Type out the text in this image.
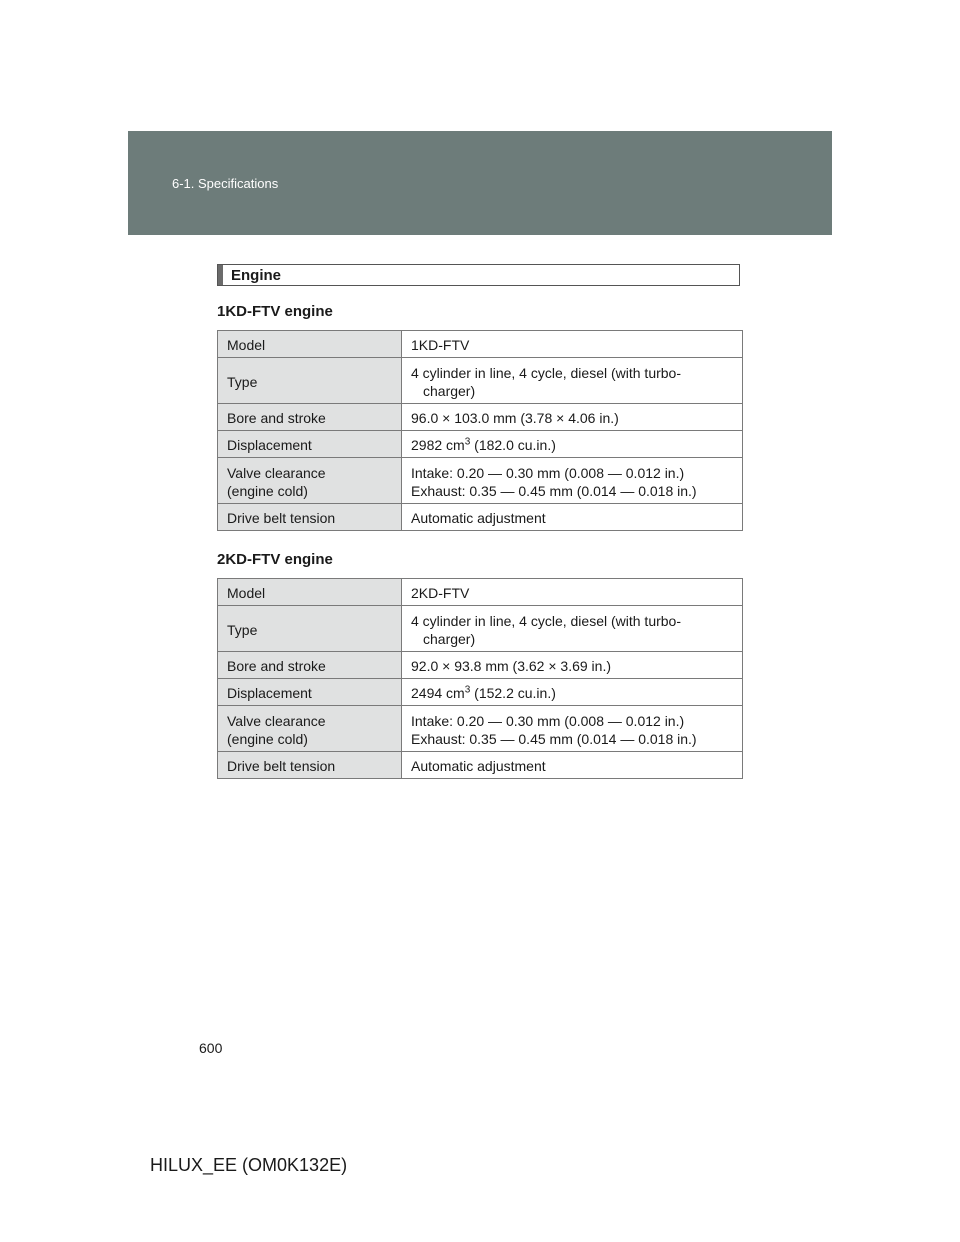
6-1. Specifications
Engine
1KD-FTV engine
Model	1KD-FTV
Type	4 cylinder in line, 4 cycle, diesel (with turbo-
charger)

Bore and stroke	96.0 × 103.0 mm (3.78 × 4.06 in.)
Displacement	2982 $cm^3$ (182.0 cu.in.)
Valve clearance
(engine cold)	Intake: 0.20 — 0.30 mm (0.008 — 0.012 in.)
Exhaust: 0.35 — 0.45 mm (0.014 — 0.018 in.)
Drive belt tension	Automatic adjustment
2KD-FTV engine
Model	2KD-FTV
Type	4 cylinder in line, 4 cycle, diesel (with turbo-
charger)

Bore and stroke	92.0 × 93.8 mm (3.62 × 3.69 in.)
Displacement	2494 $cm^3$ (152.2 cu.in.)
Valve clearance
(engine cold)	Intake: 0.20 — 0.30 mm (0.008 — 0.012 in.)
Exhaust: 0.35 — 0.45 mm (0.014 — 0.018 in.)
Drive belt tension	Automatic adjustment
600
HILUX_EE (OM0K132E)
